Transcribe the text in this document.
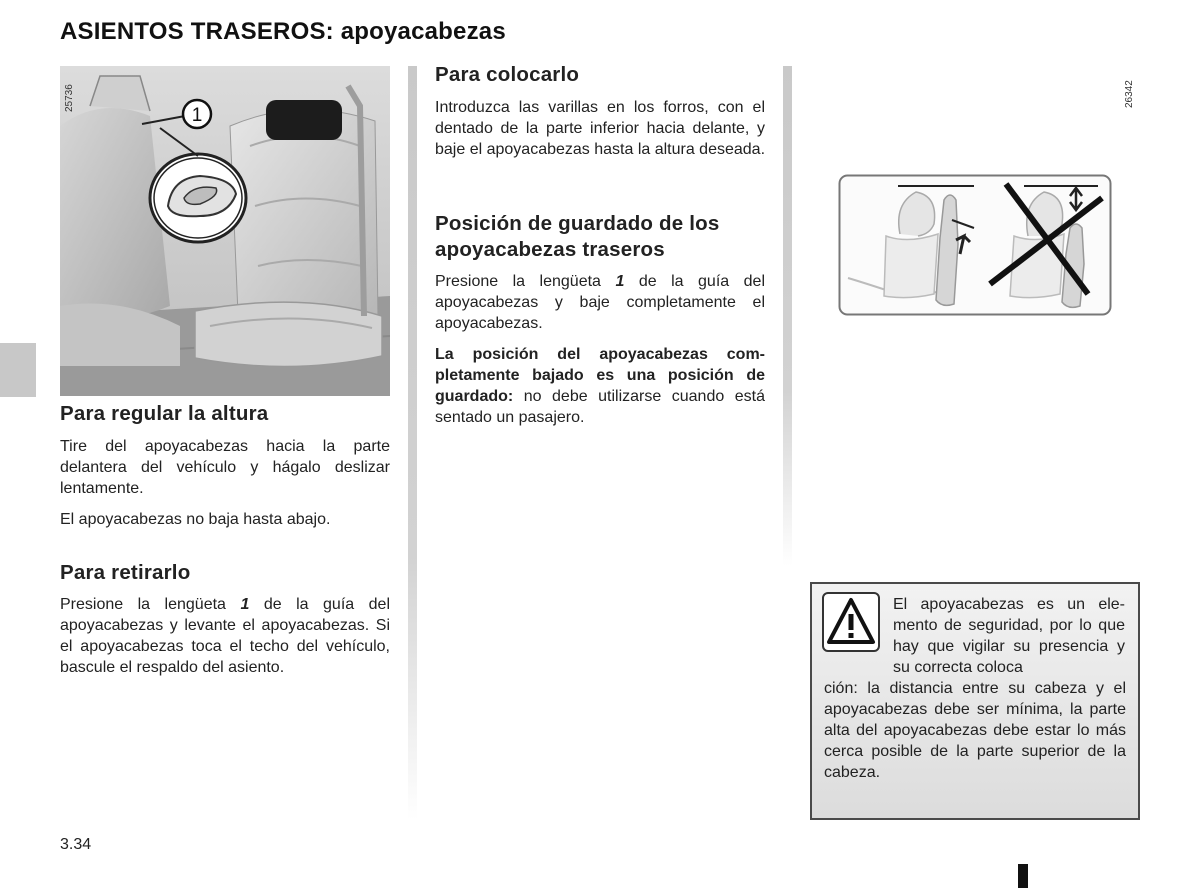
ASIENTOS TRASEROS: apoyacabezas
1
25736
Para regular la altura

Tire del apoyacabezas hacia la parte delantera del vehículo y hágalo deslizar lentamente.

El apoyacabezas no baja hasta abajo.

Para retirarlo

Presione la lengüeta 1 de la guía del apoyacabezas y levante el apoyacabezas. Si el apoyacabezas toca el techo del vehículo, bascule el respaldo del asiento.

Para colocarlo

Introduzca las varillas en los forros, con el dentado de la parte inferior hacia delante, y baje el apoyacabezas hasta la altura deseada.

Posición de guardado de los apoyacabezas traseros

Presione la lengüeta 1 de la guía del apoyacabezas y baje completamente el apoyacabezas.

La posición del apoyacabezas completamente bajado es una posición de guardado: no debe utilizarse cuando está sentado un pasajero.

26342
El apoyacabezas es un elemento de seguridad, por lo que hay que vigilar su presencia y su correcta coloca
ción: la distancia entre su cabeza y el apoyacabezas debe ser mínima, la parte alta del apoyacabezas debe estar lo más cerca posible de la parte superior de la cabeza.
3.34
